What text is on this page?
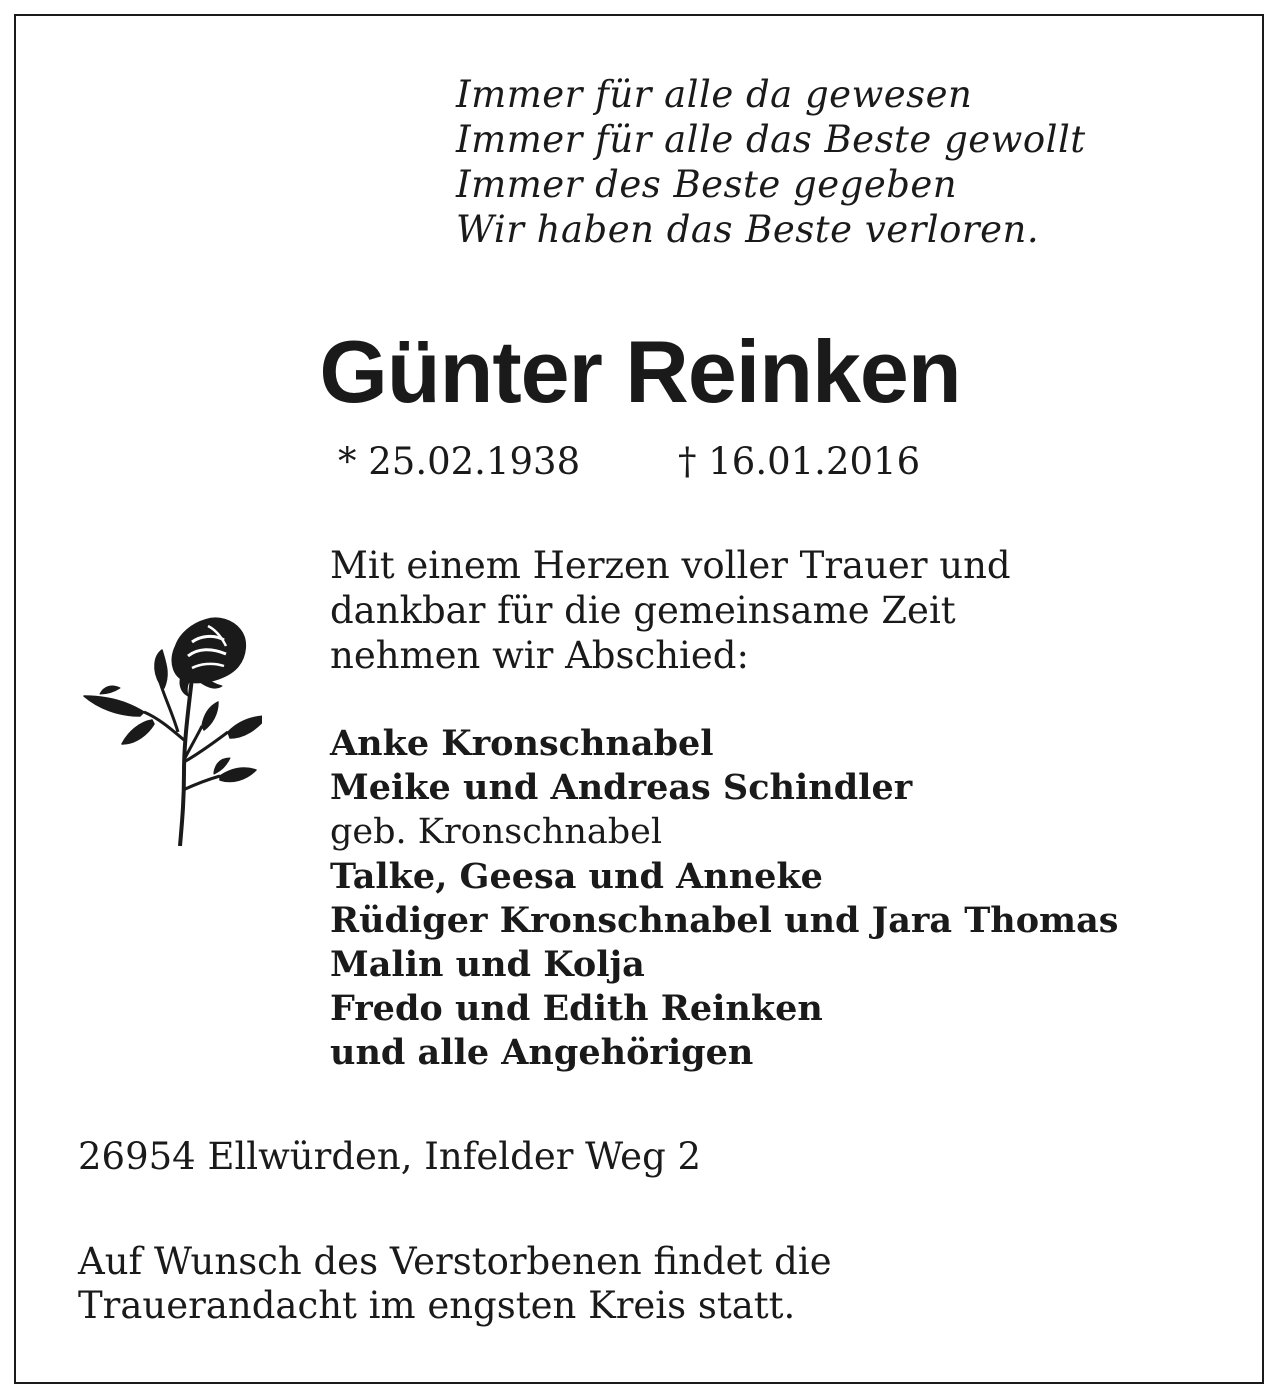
Immer für alle da gewesen
Immer für alle das Beste gewollt
Immer des Beste gegeben
Wir haben das Beste verloren.
Günter Reinken
* 25.02.1938	† 16.01.2016
Mit einem Herzen voller Trauer und
dankbar für die gemeinsame Zeit
nehmen wir Abschied:
Anke Kronschnabel
Meike und Andreas Schindler
geb. Kronschnabel
Talke, Geesa und Anneke
Rüdiger Kronschnabel und Jara Thomas
Malin und Kolja
Fredo und Edith Reinken
und alle Angehörigen
26954 Ellwürden, Infelder Weg 2
Auf Wunsch des Verstorbenen findet die
Trauerandacht im engsten Kreis statt.
